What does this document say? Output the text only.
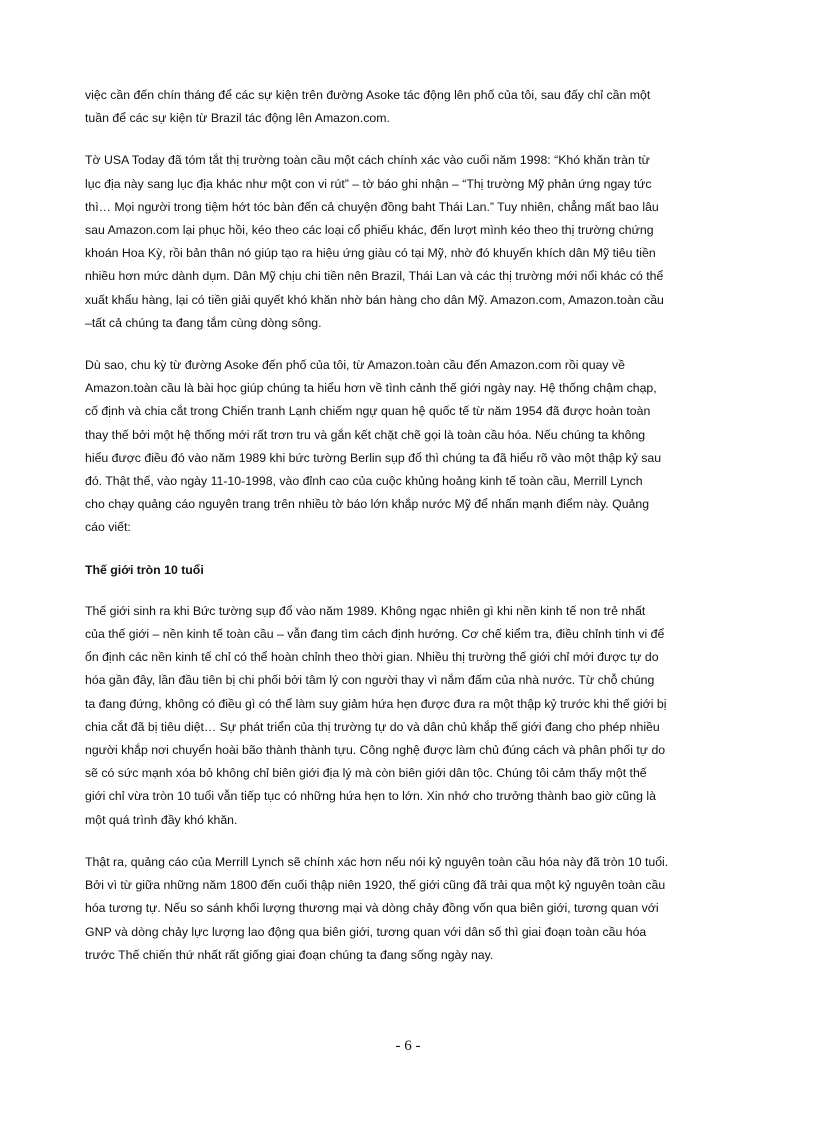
việc cần đến chín tháng để các sự kiện trên đường Asoke tác động lên phố của tôi, sau đấy chỉ cần một
tuần để các sự kiện từ Brazil tác động lên Amazon.com.

Tờ USA Today đã tóm tắt thị trường toàn cầu một cách chính xác vào cuối năm 1998: “Khó khăn tràn từ
lục địa này sang lục địa khác như một con vi rút” – tờ báo ghi nhận – “Thị trường Mỹ phản ứng ngay tức
thì… Mọi người trong tiệm hớt tóc bàn đến cả chuyện đồng baht Thái Lan.” Tuy nhiên, chẳng mất bao lâu
sau Amazon.com lại phục hồi, kéo theo các loại cổ phiếu khác, đến lượt mình kéo theo thị trường chứng
khoán Hoa Kỳ, rồi bản thân nó giúp tạo ra hiệu ứng giàu có tại Mỹ, nhờ đó khuyến khích dân Mỹ tiêu tiền
nhiều hơn mức dành dụm. Dân Mỹ chịu chi tiền nên Brazil, Thái Lan và các thị trường mới nổi khác có thể
xuất khẩu hàng, lại có tiền giải quyết khó khăn nhờ bán hàng cho dân Mỹ. Amazon.com, Amazon.toàn cầu
–tất cả chúng ta đang tắm cùng dòng sông.

Dù sao, chu kỳ từ đường Asoke đến phố của tôi, từ Amazon.toàn cầu đến Amazon.com rồi quay về
Amazon.toàn cầu là bài học giúp chúng ta hiểu hơn về tình cảnh thế giới ngày nay. Hệ thống chậm chạp,
cố định và chia cắt trong Chiến tranh Lạnh chiếm ngự quan hệ quốc tế từ năm 1954 đã được hoàn toàn
thay thế bởi một hệ thống mới rất trơn tru và gắn kết chặt chẽ gọi là toàn cầu hóa. Nếu chúng ta không
hiểu được điều đó vào năm 1989 khi bức tường Berlin sụp đổ thì chúng ta đã hiểu rõ vào một thập kỷ sau
đó. Thật thế, vào ngày 11-10-1998, vào đỉnh cao của cuộc khủng hoảng kinh tế toàn cầu, Merrill Lynch
cho chạy quảng cáo nguyên trang trên nhiều tờ báo lớn khắp nước Mỹ để nhấn mạnh điểm này. Quảng
cáo viết:

Thế giới tròn 10 tuổi

Thế giới sinh ra khi Bức tường sụp đổ vào năm 1989. Không ngạc nhiên gì khi nền kinh tế non trẻ nhất
của thế giới – nền kinh tế toàn cầu – vẫn đang tìm cách định hướng. Cơ chế kiểm tra, điều chỉnh tinh vi để
ổn định các nền kinh tế chỉ có thể hoàn chỉnh theo thời gian. Nhiều thị trường thế giới chỉ mới được tự do
hóa gần đây, lần đầu tiên bị chi phối bởi tâm lý con người thay vì nắm đấm của nhà nước. Từ chỗ chúng
ta đang đứng, không có điều gì có thể làm suy giảm hứa hẹn được đưa ra một thập kỷ trước khi thế giới bị
chia cắt đã bị tiêu diệt… Sự phát triển của thị trường tự do và dân chủ khắp thế giới đang cho phép nhiều
người khắp nơi chuyển hoài bão thành thành tựu. Công nghệ được làm chủ đúng cách và phân phối tự do
sẽ có sức mạnh xóa bỏ không chỉ biên giới địa lý mà còn biên giới dân tộc. Chúng tôi cảm thấy một thế
giới chỉ vừa tròn 10 tuổi vẫn tiếp tục có những hứa hẹn to lớn. Xin nhớ cho trưởng thành bao giờ cũng là
một quá trình đầy khó khăn.

Thật ra, quảng cáo của Merrill Lynch sẽ chính xác hơn nếu nói kỷ nguyên toàn cầu hóa này đã tròn 10 tuổi.
Bởi vì từ giữa những năm 1800 đến cuối thập niên 1920, thế giới cũng đã trải qua một kỷ nguyên toàn cầu
hóa tương tự. Nếu so sánh khối lượng thương mại và dòng chảy đồng vốn qua biên giới, tương quan với
GNP và dòng chảy lực lượng lao động qua biên giới, tương quan với dân số thì giai đoạn toàn cầu hóa
trước Thế chiến thứ nhất rất giống giai đoạn chúng ta đang sống ngày nay.

- 6 -
